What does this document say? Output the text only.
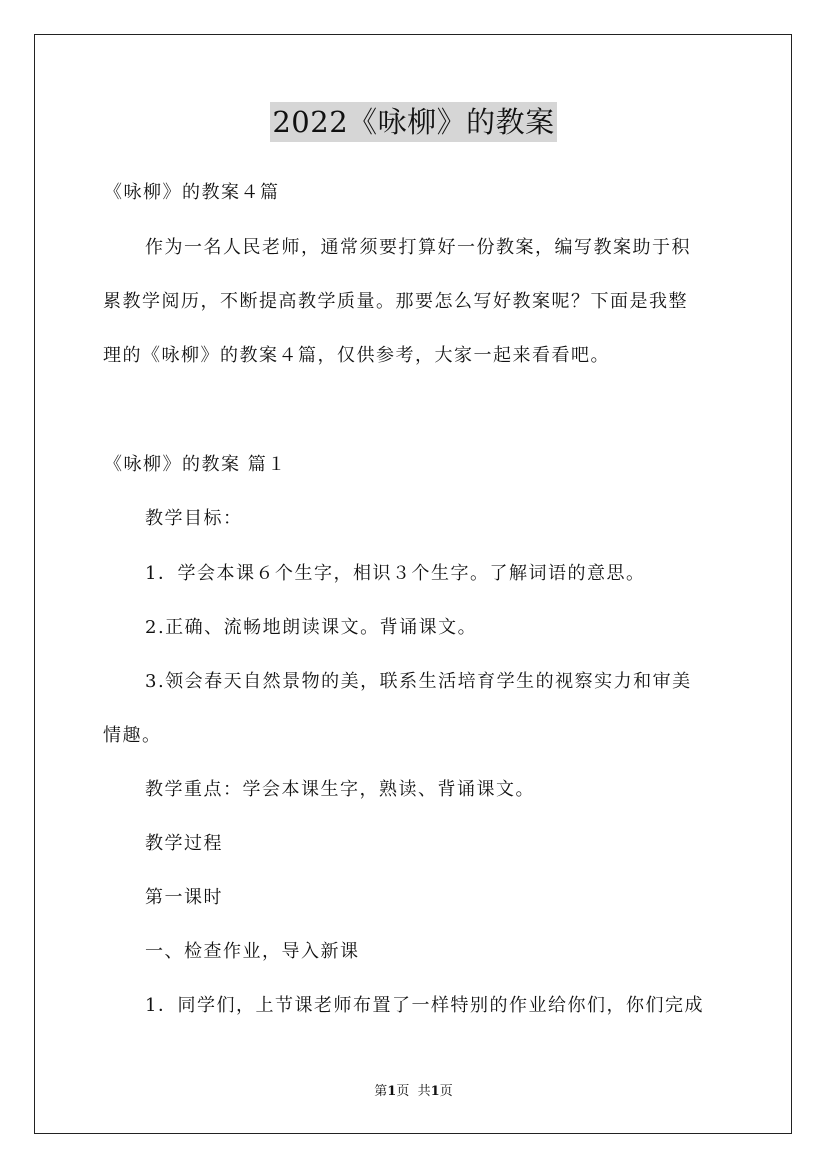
2022《咏柳》的教案
《咏柳》的教案４篇
作为一名人民老师，通常须要打算好一份教案，编写教案助于积
累教学阅历，不断提高教学质量。那要怎么写好教案呢？下面是我整
理的《咏柳》的教案４篇，仅供参考，大家一起来看看吧。
《咏柳》的教案 篇１
教学目标：
1．学会本课６个生字，相识３个生字。了解词语的意思。
2.正确、流畅地朗读课文。背诵课文。
3.领会春天自然景物的美，联系生活培育学生的视察实力和审美
情趣。
教学重点：学会本课生字，熟读、背诵课文。
教学过程
第一课时
一、检查作业，导入新课
1．同学们，上节课老师布置了一样特别的作业给你们，你们完成
第1页 共1页
